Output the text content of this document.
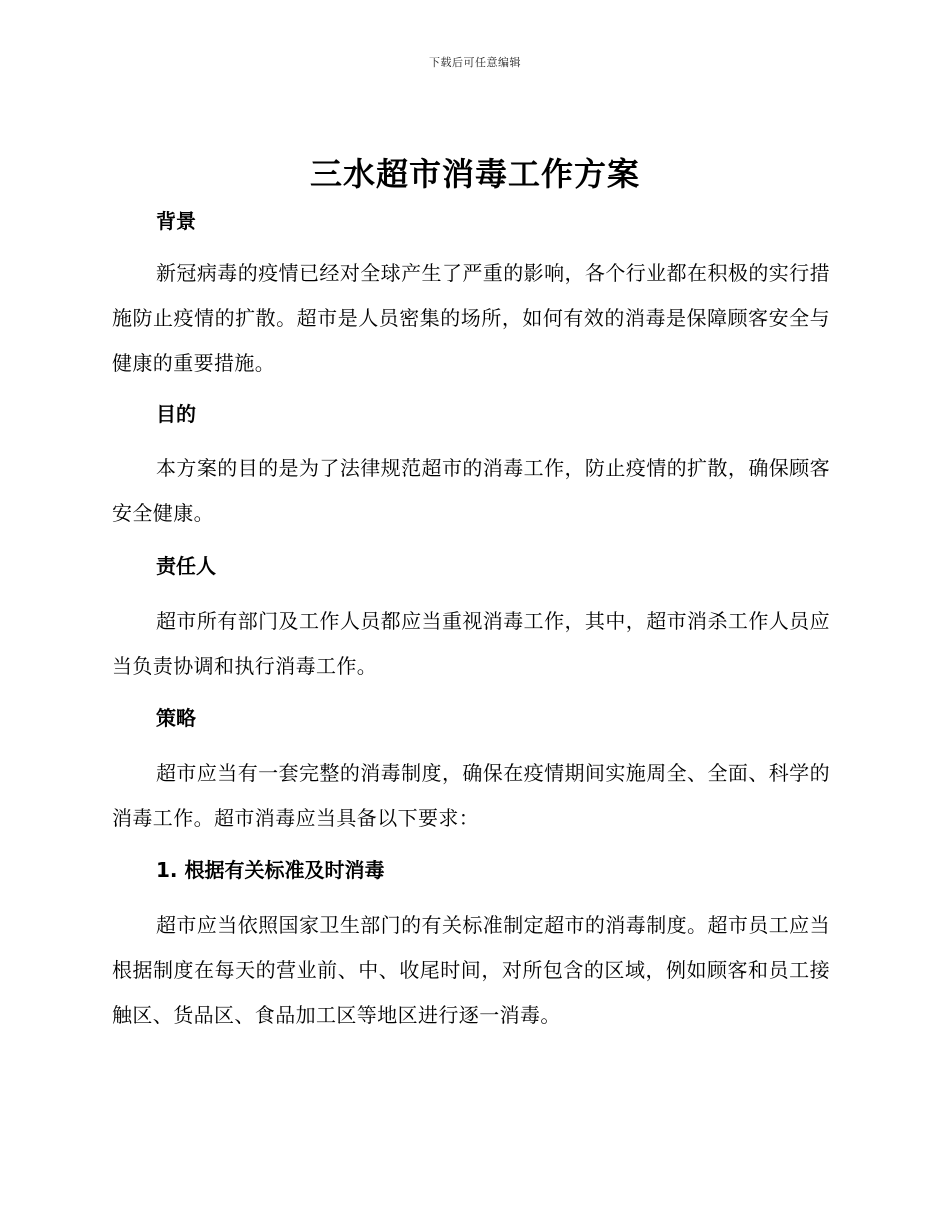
下载后可任意编辑
三水超市消毒工作方案
背景
新冠病毒的疫情已经对全球产生了严重的影响，各个行业都在积极的实行措施防止疫情的扩散。超市是人员密集的场所，如何有效的消毒是保障顾客安全与健康的重要措施。
目的
本方案的目的是为了法律规范超市的消毒工作，防止疫情的扩散，确保顾客安全健康。
责任人
超市所有部门及工作人员都应当重视消毒工作，其中，超市消杀工作人员应当负责协调和执行消毒工作。
策略
超市应当有一套完整的消毒制度，确保在疫情期间实施周全、全面、科学的消毒工作。超市消毒应当具备以下要求：
1. 根据有关标准及时消毒
超市应当依照国家卫生部门的有关标准制定超市的消毒制度。超市员工应当根据制度在每天的营业前、中、收尾时间，对所包含的区域，例如顾客和员工接触区、货品区、食品加工区等地区进行逐一消毒。
